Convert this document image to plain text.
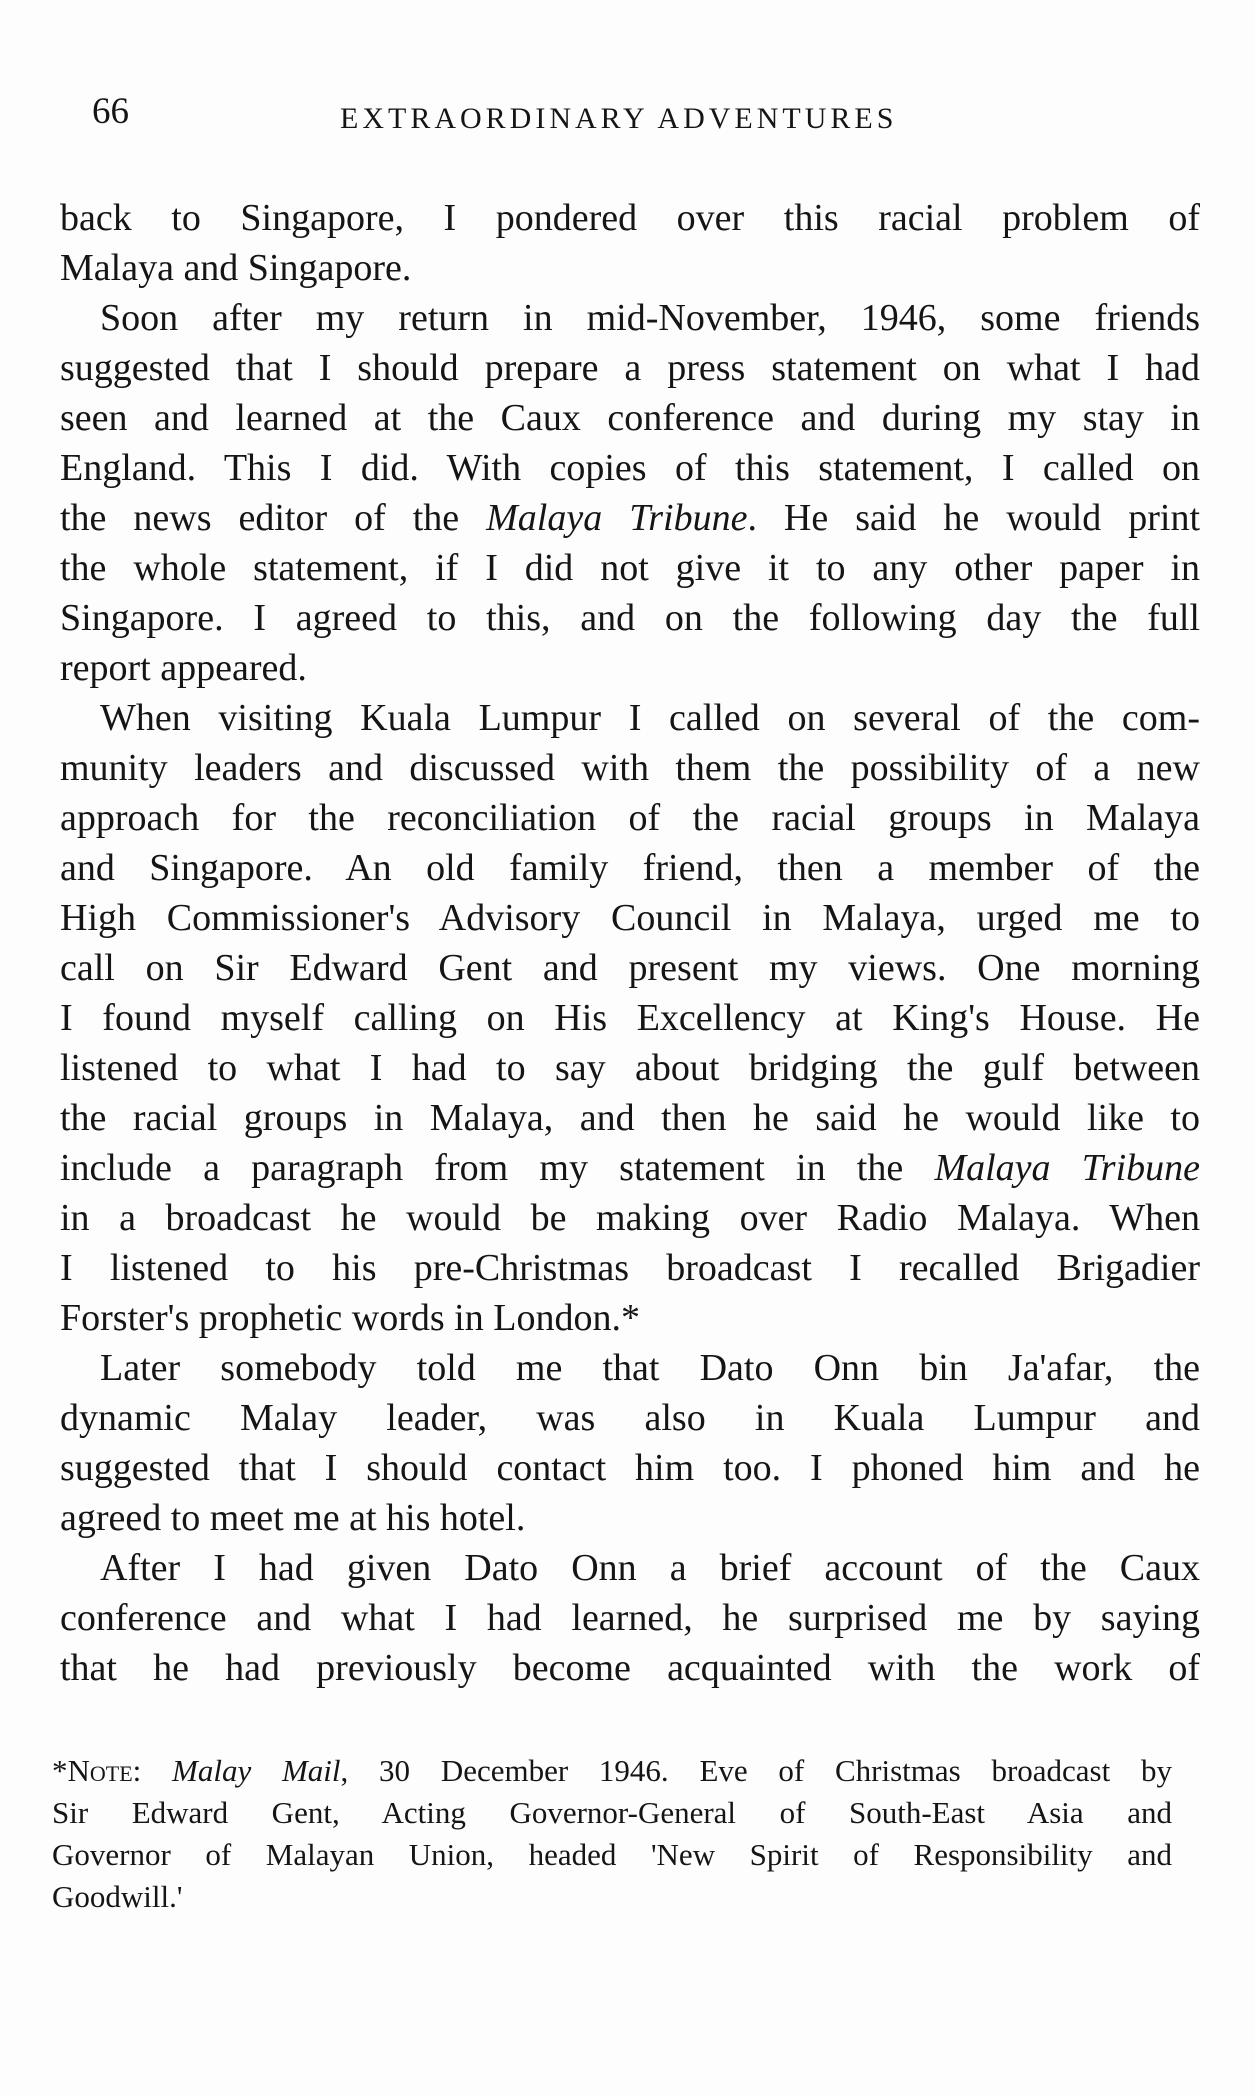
66	EXTRAORDINARY ADVENTURES
back to Singapore, I pondered over this racial problem of
Malaya and Singapore.
Soon after my return in mid-November, 1946, some friends
suggested that I should prepare a press statement on what I had
seen and learned at the Caux conference and during my stay in
England. This I did. With copies of this statement, I called on
the news editor of the Malaya Tribune. He said he would print
the whole statement, if I did not give it to any other paper in
Singapore. I agreed to this, and on the following day the full
report appeared.
When visiting Kuala Lumpur I called on several of the com-
munity leaders and discussed with them the possibility of a new
approach for the reconciliation of the racial groups in Malaya
and Singapore. An old family friend, then a member of the
High Commissioner's Advisory Council in Malaya, urged me to
call on Sir Edward Gent and present my views. One morning
I found myself calling on His Excellency at King's House. He
listened to what I had to say about bridging the gulf between
the racial groups in Malaya, and then he said he would like to
include a paragraph from my statement in the Malaya Tribune
in a broadcast he would be making over Radio Malaya. When
I listened to his pre-Christmas broadcast I recalled Brigadier
Forster's prophetic words in London.*
Later somebody told me that Dato Onn bin Ja'afar, the
dynamic Malay leader, was also in Kuala Lumpur and
suggested that I should contact him too. I phoned him and he
agreed to meet me at his hotel.
After I had given Dato Onn a brief account of the Caux
conference and what I had learned, he surprised me by saying
that he had previously become acquainted with the work of
*Note: Malay Mail, 30 December 1946. Eve of Christmas broadcast by
Sir Edward Gent, Acting Governor-General of South-East Asia and
Governor of Malayan Union, headed 'New Spirit of Responsibility and
Goodwill.'
